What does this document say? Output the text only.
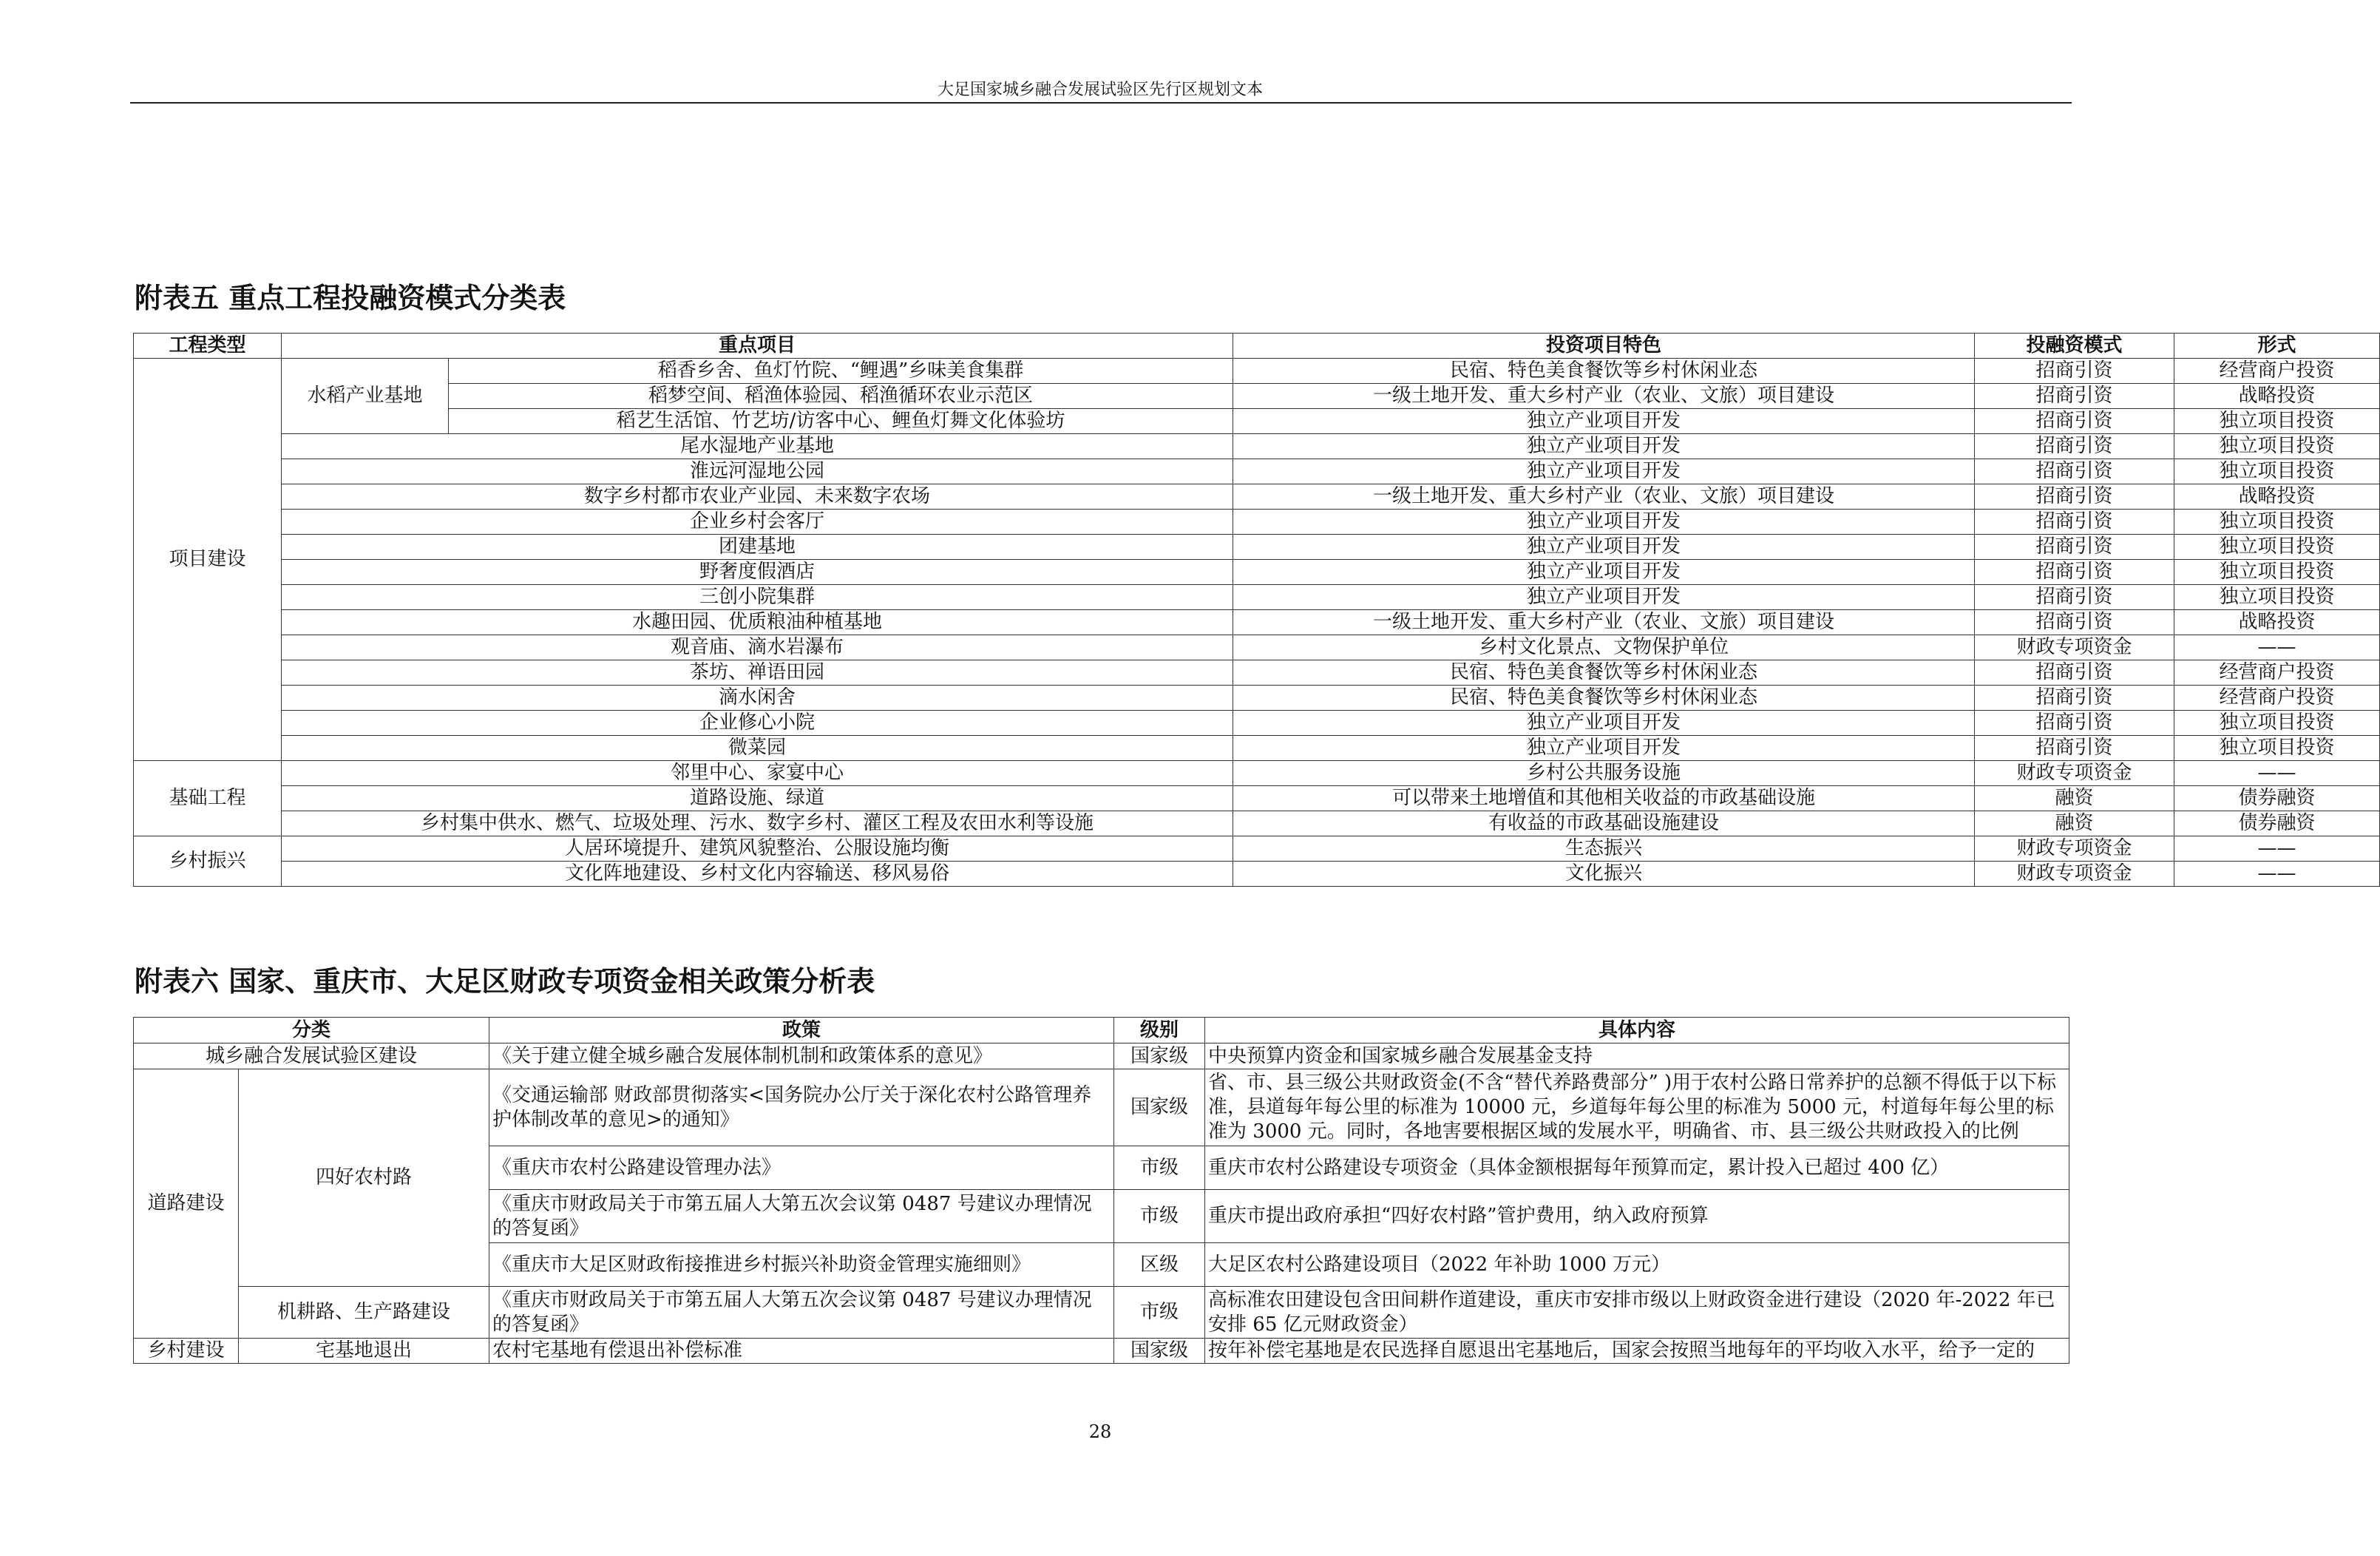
大足国家城乡融合发展试验区先行区规划文本
附表五 重点工程投融资模式分类表
工程类型	重点项目		投资项目特色	投融资模式	形式
项目建设	水稻产业基地	稻香乡舍、鱼灯竹院、“鲤遇”乡味美食集群	民宿、特色美食餐饮等乡村休闲业态	招商引资	经营商户投资
		稻梦空间、稻渔体验园、稻渔循环农业示范区	一级土地开发、重大乡村产业（农业、文旅）项目建设	招商引资	战略投资
		稻艺生活馆、竹艺坊/访客中心、鲤鱼灯舞文化体验坊	独立产业项目开发	招商引资	独立项目投资
	尾水湿地产业基地		独立产业项目开发	招商引资	独立项目投资
	淮远河湿地公园		独立产业项目开发	招商引资	独立项目投资
	数字乡村都市农业产业园、未来数字农场		一级土地开发、重大乡村产业（农业、文旅）项目建设	招商引资	战略投资
	企业乡村会客厅		独立产业项目开发	招商引资	独立项目投资
	团建基地		独立产业项目开发	招商引资	独立项目投资
	野奢度假酒店		独立产业项目开发	招商引资	独立项目投资
	三创小院集群		独立产业项目开发	招商引资	独立项目投资
	水趣田园、优质粮油种植基地		一级土地开发、重大乡村产业（农业、文旅）项目建设	招商引资	战略投资
	观音庙、滴水岩瀑布		乡村文化景点、文物保护单位	财政专项资金	——
	茶坊、禅语田园		民宿、特色美食餐饮等乡村休闲业态	招商引资	经营商户投资
	滴水闲舍		民宿、特色美食餐饮等乡村休闲业态	招商引资	经营商户投资
	企业修心小院		独立产业项目开发	招商引资	独立项目投资
	微菜园		独立产业项目开发	招商引资	独立项目投资
基础工程	邻里中心、家宴中心		乡村公共服务设施	财政专项资金	——
	道路设施、绿道		可以带来土地增值和其他相关收益的市政基础设施	融资	债券融资
	乡村集中供水、燃气、垃圾处理、污水、数字乡村、灌区工程及农田水利等设施		有收益的市政基础设施建设	融资	债券融资
乡村振兴	人居环境提升、建筑风貌整治、公服设施均衡		生态振兴	财政专项资金	——
	文化阵地建设、乡村文化内容输送、移风易俗		文化振兴	财政专项资金	——
附表六 国家、重庆市、大足区财政专项资金相关政策分析表
分类		政策	级别	具体内容
城乡融合发展试验区建设		《关于建立健全城乡融合发展体制机制和政策体系的意见》	国家级	中央预算内资金和国家城乡融合发展基金支持
道路建设	四好农村路	《交通运输部 财政部贯彻落实<国务院办公厅关于深化农村公路管理养护体制改革的意见>的通知》	国家级	省、市、县三级公共财政资金(不含“替代养路费部分” )用于农村公路日常养护的总额不得低于以下标准，县道每年每公里的标准为 10000 元，乡道每年每公里的标准为 5000 元，村道每年每公里的标准为 3000 元。同时，各地害要根据区域的发展水平，明确省、市、县三级公共财政投入的比例
		《重庆市农村公路建设管理办法》	市级	重庆市农村公路建设专项资金（具体金额根据每年预算而定，累计投入已超过 400 亿）
		《重庆市财政局关于市第五届人大第五次会议第 0487 号建议办理情况的答复函》	市级	重庆市提出政府承担“四好农村路”管护费用，纳入政府预算
		《重庆市大足区财政衔接推进乡村振兴补助资金管理实施细则》	区级	大足区农村公路建设项目（2022 年补助 1000 万元）
	机耕路、生产路建设	《重庆市财政局关于市第五届人大第五次会议第 0487 号建议办理情况的答复函》	市级	高标准农田建设包含田间耕作道建设，重庆市安排市级以上财政资金进行建设（2020 年-2022 年已安排 65 亿元财政资金）
乡村建设	宅基地退出	农村宅基地有偿退出补偿标准	国家级	按年补偿宅基地是农民选择自愿退出宅基地后，国家会按照当地每年的平均收入水平，给予一定的
28
